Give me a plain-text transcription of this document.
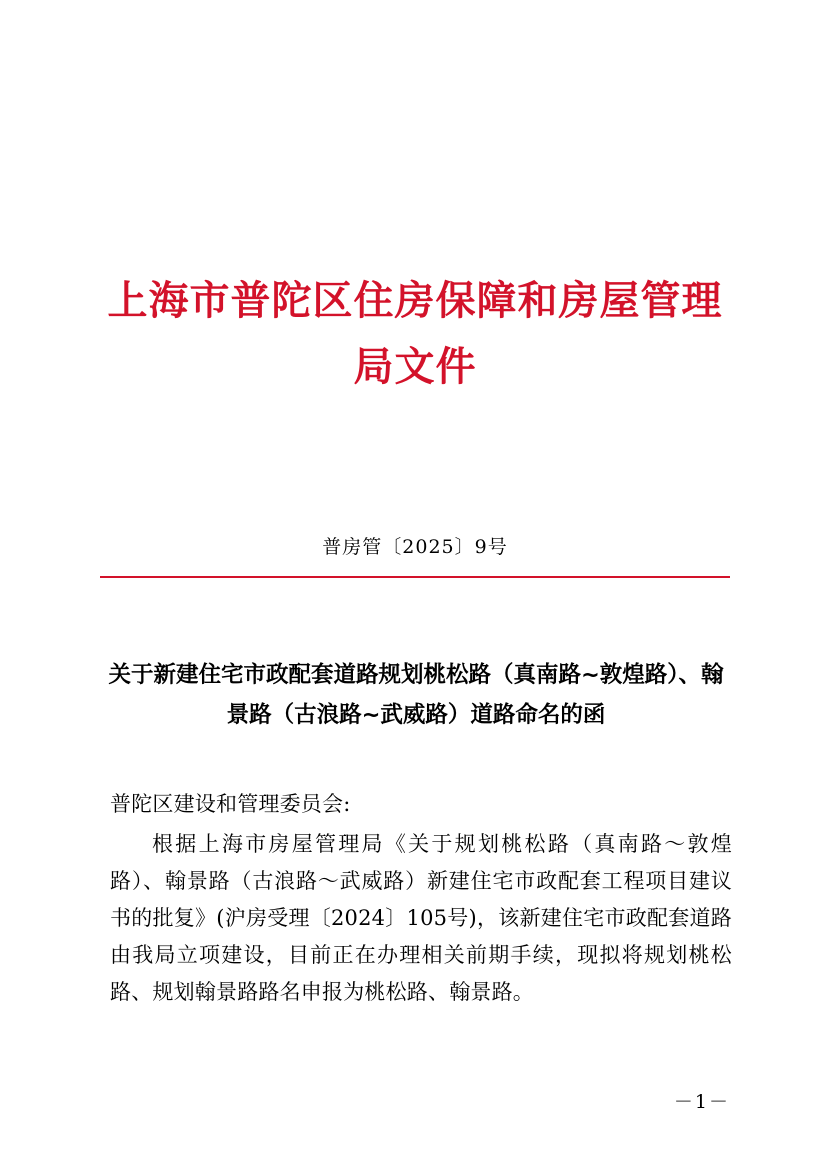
上海市普陀区住房保障和房屋管理局文件
普房管〔2025〕9号
关于新建住宅市政配套道路规划桃松路（真南路~敦煌路）、翰景路（古浪路~武威路）道路命名的函

普陀区建设和管理委员会:

根据上海市房屋管理局《关于规划桃松路（真南路～敦煌路）、翰景路（古浪路～武威路）新建住宅市政配套工程项目建议书的批复》(沪房受理〔2024〕105号)，该新建住宅市政配套道路由我局立项建设，目前正在办理相关前期手续，现拟将规划桃松路、规划翰景路路名申报为桃松路、翰景路。

－1－
